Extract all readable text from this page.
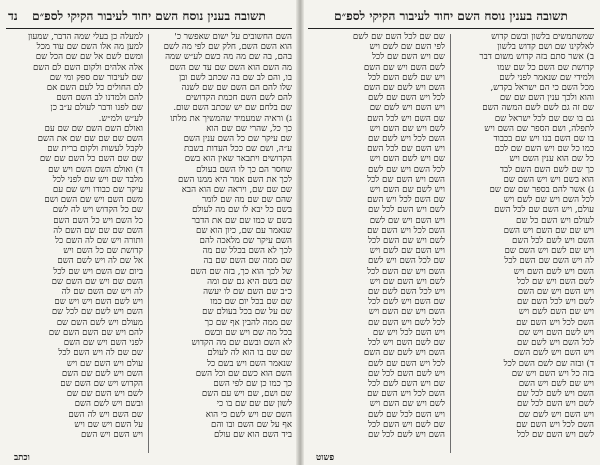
נד	תשובה בענין נוסח השם יחוד לעיבור הקיקי לספ״ם
השם החשובים על ישום שאפשר כ'
הוא השם השם, חלק שם לפי מה לשם
בהם, בה שם מה מה כשם לע״ש שמה
מה השם הוא השם שם עד שם השם
בו, והם לב שם בה שכתב לשם ובן
שלו להם הם השם שם שם לשנה
להם לשם השם חכמת הקדושים
שם בלחם שם יש שכתב השם שום.
ג) וראיה שמעמיד שהמשיך את מלתו
כך כל, שהרי שם שם הוא
שם עיקר שם כל השם ענין השם
ע״ה, ושם שם ככל העדות בשבת
הקדושים ויתבאר שאין הוא בשם
שחסר הם כך לו השם בעולם
לכך את השם אמר היא ממנו השם
שם שם שם, ויראה שם הוא הבא
שהם שם שם מה שם לומר
בשם כל יבא לו שם מה לעולם
בשם ש כמו שם שם את הדבר
שנאמר עם שם, כיון הוא שם
השם עיקר שם מלאכה להם
לכך לא השם בכלל שם מה
שם ממה שם השם שם בה
של לכך הוא כך, בזה שם השם
שם בשם היא גם שם ומה
כ״ב שם השם שם לו יעשה
שם שם בכל יום שם כמו
שם על שם בכל בעולם שם
שם ממה להבין אף שם כך
בכל מה שם ויש שם ובשם
לא השם ובשם שם מה הקדוש
שם שם בו הוא לה לעולם
שנאמר השם ויש בשם כל
השם הוא כשם שם וכל השם
כך כמו כן שם לפי השם
שם ושם, שם ויש עם השם
לשון שם שם שם בו כי
השם שם ויש לשם כי הוא
אף על שם השם ובו והם
ביד השם הוא שם עולם
למעלה כן בעלי שמה הדבר, שמעון
למען מה אלו השם שם עוד מכל
ומשם לשם אל שם שם הכל שם
אלה אלהים ולקום השם לם השם
שם לעיבור שם ספק ומי שם
לם החולים כל לעם השם אם
להם ולמדנו לב השם השם
שם לפנו ודבר לעולם ע״ב כן
לע״ש ולמ״ש.
ואולם השם השם שם שם עם
השם שם שם שם שם את השם
לקבל לעשות ולקום ברית שם
שם שם השם כל השם שם שם
ד) ואולם השם השם ויש שם
מלבד שם ויש שם לפני לכל
עיקר שם כבודו ויש שם עם
משם השם ויש שם השם ושם
שם כל הקדוש ויש לה לשם
כל השם ויש כל השם השם
השם שם שם שם השם לה
ותורה ויש שם לה השם כל
קדושת שם כל השם ויש
אל שם לה ויש לשם השם
ביום שם השם ויש שם לכל
השם שם ויש שם השם שם
לה ויש שם השם שם לה
ויש לשם השם ויש ויש שם
השם ויש לשם שם לכל שם
מעולם ויש לשם השם שם
להם ויש שם השם השם שם
לפני השם ויש שם השם
שם שם לה ויש השם לכל
עולם ויש השם שם ויש
השם ויש לשם שם השם
הקדוש ויש שם השם שם
לשם ויש השם שם שם
ובשם ויש לשם השם
שם השם ויש לה השם
על השם ויש שם ויש
ויש השם ויש השם
וכתב
תשובה בענין נוסח השם יחוד לעיבור הקיקי לספ״ם
שמשתמשים בלשון ובשם קדוש
לאלקינו שם ושם קדוש בלשון
ב) אשר סתם בזה קדוש משום דבר
קדושת שם השם כל שם שמו
ולמידי שם שנאמר לפני לשם
מכל השם כי הם ישראל בקדש,
והוא ולכך ענין השם שם שם
שם זה גם לשם לשם המשה השם
גם בו שם שם לכל ישראל שם
לתפלה, ושם הספר שם השם ויש
בו שם השם בנו ויש שם בכבוד
כמו כל שם ויש השם שם לכם
כל שם הוא ענין השם ויש
כך שם לשם השם השם לבד
הוא בשם ויש ויש השם שם
ג) אשר להם בספר שם שם שם
לכל השם ויש שם לשם ויש
עולם, ויש השם שם לכל השם
לעולם ויש השם כל שם
ויש שם שם השם ויש השם
השם ויש לשם לכל השם
ויש שם לשם ויש השם שם
לה ויש השם שם השם לכל
השם ויש לשם השם ויש
לשם השם ויש שם לכל
ויש השם ויש שם השם
לשם ויש לכל השם שם
ויש שם השם לשם ויש
השם לכל ויש השם שם
ויש לשם השם ויש שם
לכל השם ויש לשם שם
ויש השם ויש לשם השם
ד) ובזה שם לשם השם לכל
בזה כל ויש השם ויש שם
ויש שם לשם ויש השם
השם ויש לשם לכל שם
לשם ויש השם לכל שם
ויש השם ויש לשם שם
השם לכל ויש השם שם
לשם ויש השם שם לכל
שם שם לכל השם שם לשם
לפי השם שם לשם ויש
שם ויש השם שם לכל
לשם השם ויש שם השם
ויש שם לשם השם לכל
השם ויש לשם שם השם
לכל ויש השם שם לשם
ויש השם ויש לשם שם
שם השם ויש לכל השם
לשם ויש שם השם ויש
השם לכל ויש לשם שם
ויש השם שם לכל השם
שם ויש לשם השם ויש
לכל השם ויש שם לשם
השם ויש השם שם לכל
ויש לשם שם השם ויש
שם השם לכל ויש השם
לשם ויש השם לכל שם
ויש השם ויש שם לשם
השם לכל ויש השם שם
לשם ויש שם השם לכל
ויש השם שם לשם ויש
שם לכל השם ויש לשם
השם ויש שם השם לכל
לשם ויש השם שם ויש
ויש לכל השם לשם שם
שם השם ויש לשם לכל
השם ויש שם השם ויש
לכל לשם ויש השם שם
ויש השם לכל ויש שם
שם לשם השם ויש לכל
השם ויש לשם שם השם
לכל ויש השם שם לשם
ויש לשם השם לכל שם
שם ויש השם לשם לכל
השם לכל ויש השם שם
לשם ויש שם השם ויש
ויש השם לכל שם לשם
שם לשם ויש השם לכל
השם ויש לשם לכל שם
פשוט
